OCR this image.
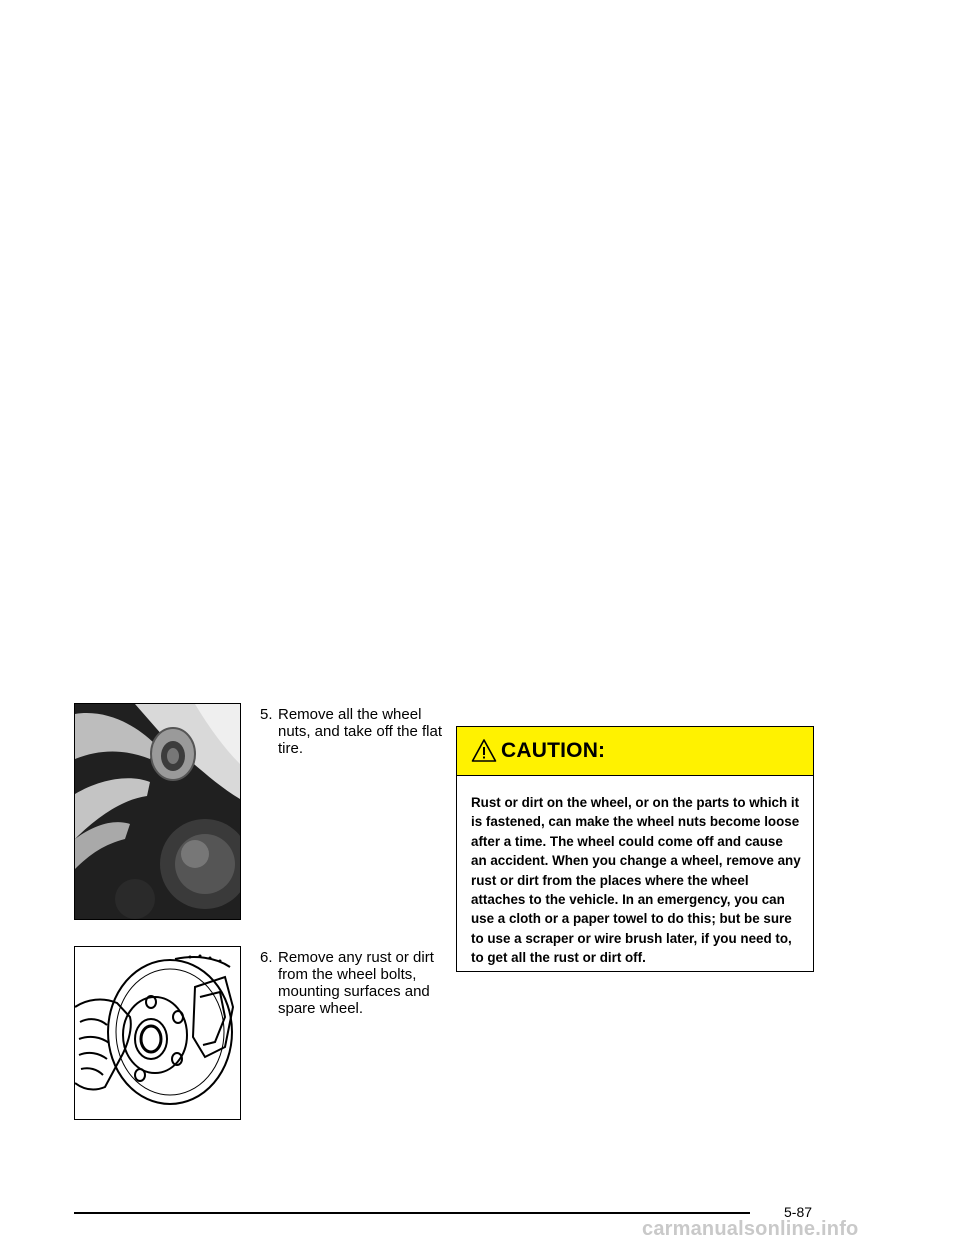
5. Remove all the wheel nuts, and take off the flat tire.
6. Remove any rust or dirt from the wheel bolts, mounting surfaces and spare wheel.
CAUTION:
Rust or dirt on the wheel, or on the parts to which it is fastened, can make the wheel nuts become loose after a time. The wheel could come off and cause an accident. When you change a wheel, remove any rust or dirt from the places where the wheel attaches to the vehicle. In an emergency, you can use a cloth or a paper towel to do this; but be sure to use a scraper or wire brush later, if you need to, to get all the rust or dirt off.
5-87
carmanualsonline.info
